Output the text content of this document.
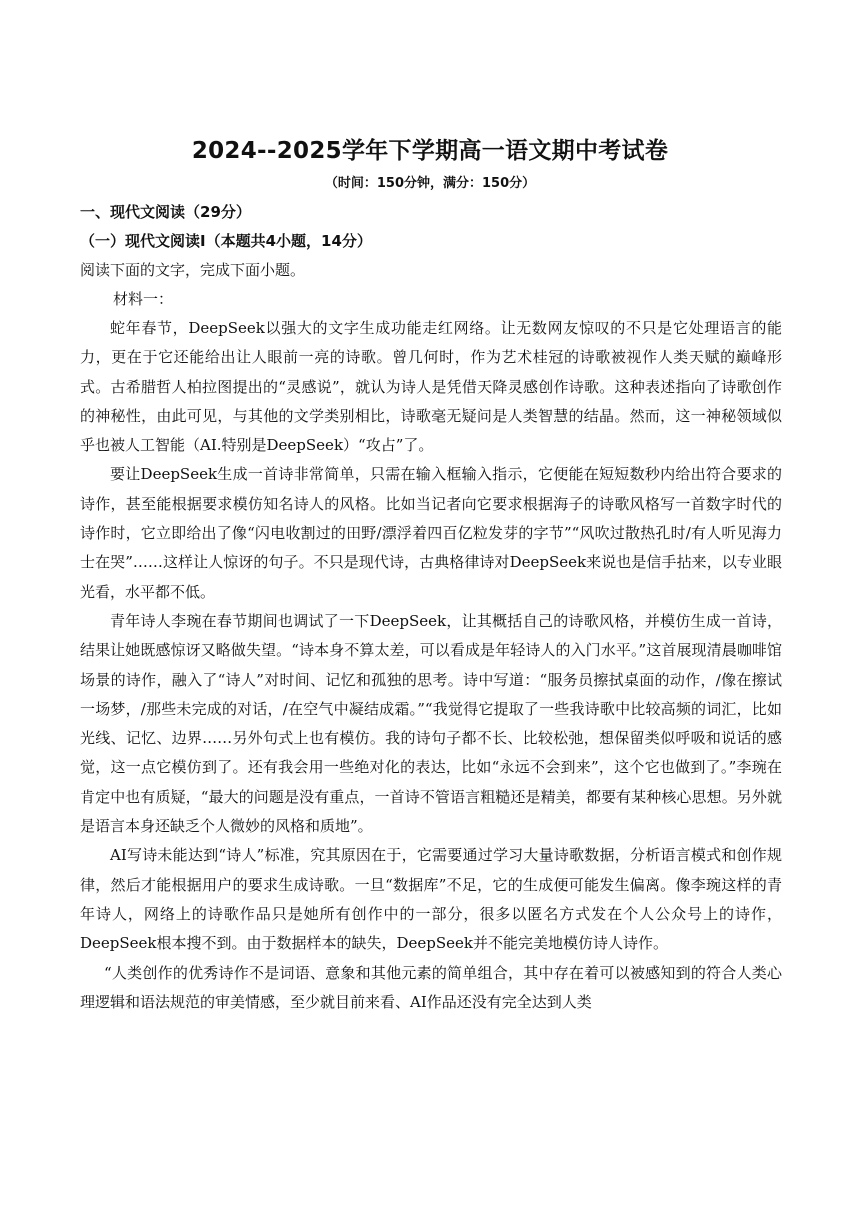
2024--2025学年下学期高一语文期中考试卷
（时间：150分钟，满分：150分）
一、现代文阅读（29分）
（一）现代文阅读Ⅰ（本题共4小题，14分）
阅读下面的文字，完成下面小题。
材料一：

蛇年春节，DeepSeek以强大的文字生成功能走红网络。让无数网友惊叹的不只是它处理语言的能力，更在于它还能给出让人眼前一亮的诗歌。曾几何时，作为艺术桂冠的诗歌被视作人类天赋的巅峰形式。古希腊哲人柏拉图提出的“灵感说”，就认为诗人是凭借天降灵感创作诗歌。这种表述指向了诗歌创作的神秘性，由此可见，与其他的文学类别相比，诗歌毫无疑问是人类智慧的结晶。然而，这一神秘领域似乎也被人工智能（AI.特别是DeepSeek）“攻占”了。

要让DeepSeek生成一首诗非常简单，只需在输入框输入指示，它便能在短短数秒内给出符合要求的诗作，甚至能根据要求模仿知名诗人的风格。比如当记者向它要求根据海子的诗歌风格写一首数字时代的诗作时，它立即给出了像“闪电收割过的田野/漂浮着四百亿粒发芽的字节”“风吹过散热孔时/有人听见海力士在哭”……这样让人惊讶的句子。不只是现代诗，古典格律诗对DeepSeek来说也是信手拈来，以专业眼光看，水平都不低。

青年诗人李琬在春节期间也调试了一下DeepSeek，让其概括自己的诗歌风格，并模仿生成一首诗，结果让她既感惊讶又略做失望。“诗本身不算太差，可以看成是年轻诗人的入门水平。”这首展现清晨咖啡馆场景的诗作，融入了“诗人”对时间、记忆和孤独的思考。诗中写道：“服务员擦拭桌面的动作，/像在擦试一场梦，/那些未完成的对话，/在空气中凝结成霜。”“我觉得它提取了一些我诗歌中比较高频的词汇，比如光线、记忆、边界……另外句式上也有模仿。我的诗句子都不长、比较松弛，想保留类似呼吸和说话的感觉，这一点它模仿到了。还有我会用一些绝对化的表达，比如“永远不会到来”，这个它也做到了。”李琬在肯定中也有质疑，“最大的问题是没有重点，一首诗不管语言粗糙还是精美，都要有某种核心思想。另外就是语言本身还缺乏个人微妙的风格和质地”。

AI写诗未能达到“诗人”标准，究其原因在于，它需要通过学习大量诗歌数据，分析语言模式和创作规律，然后才能根据用户的要求生成诗歌。一旦“数据库”不足，它的生成便可能发生偏离。像李琬这样的青年诗人，网络上的诗歌作品只是她所有创作中的一部分，很多以匿名方式发在个人公众号上的诗作，DeepSeek根本搜不到。由于数据样本的缺失，DeepSeek并不能完美地模仿诗人诗作。

“人类创作的优秀诗作不是词语、意象和其他元素的简单组合，其中存在着可以被感知到的符合人类心理逻辑和语法规范的审美情感，至少就目前来看、AI作品还没有完全达到人类
